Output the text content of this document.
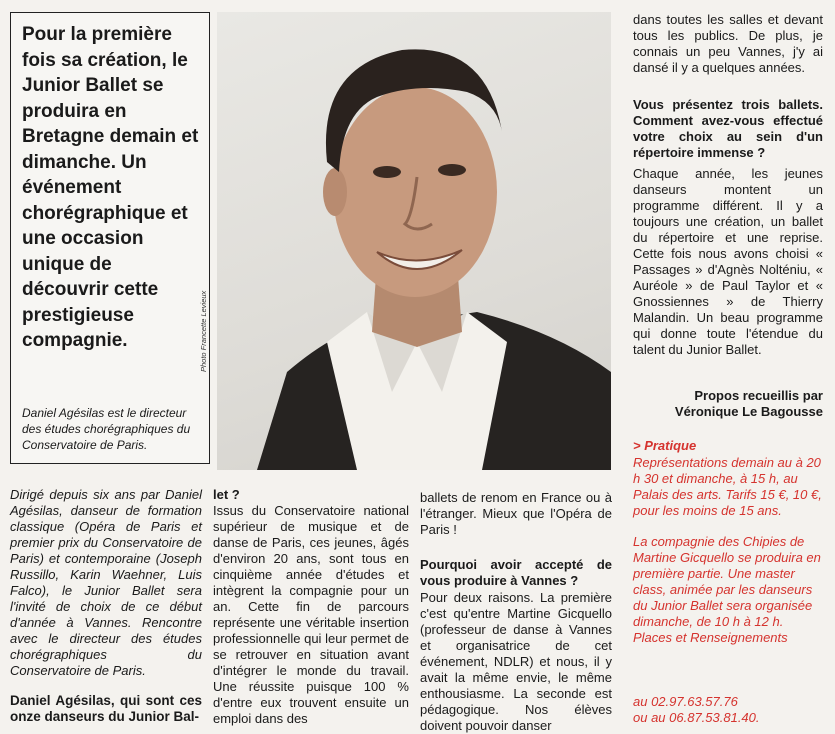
Pour la première fois sa création, le Junior Ballet se produira en Bretagne demain et dimanche. Un événement chorégraphique et une occasion unique de découvrir cette prestigieuse compagnie.
Daniel Agésilas est le directeur des études chorégraphiques du Conservatoire de Paris.
Photo Francette Levieux
Dirigé depuis six ans par Daniel Agésilas, danseur de formation classique (Opéra de Paris et premier prix du Conservatoire de Paris) et contemporaine (Joseph Russillo, Karin Waehner, Luis Falco), le Junior Ballet sera l'invité de choix de ce début d'année à Vannes. Rencontre avec le directeur des études chorégraphiques du Conservatoire de Paris.
Daniel Agésilas, qui sont ces onze danseurs du Junior Bal-
let ?
Issus du Conservatoire national supérieur de musique et de danse de Paris, ces jeunes, âgés d'environ 20 ans, sont tous en cinquième année d'études et intègrent la compagnie pour un an. Cette fin de parcours représente une véritable insertion professionnelle qui leur permet de se retrouver en situation avant d'intégrer le monde du travail. Une réussite puisque 100 % d'entre eux trouvent ensuite un emploi dans des
ballets de renom en France ou à l'étranger. Mieux que l'Opéra de Paris !
Pourquoi avoir accepté de vous produire à Vannes ?
Pour deux raisons. La première c'est qu'entre Martine Gicquello (professeur de danse à Vannes et organisatrice de cet événement, NDLR) et nous, il y avait la même envie, le même enthousiasme. La seconde est pédagogique. Nos élèves doivent pouvoir danser
dans toutes les salles et devant tous les publics. De plus, je connais un peu Vannes, j'y ai dansé il y a quelques années.
Vous présentez trois ballets. Comment avez-vous effectué votre choix au sein d'un répertoire immense ?
Chaque année, les jeunes danseurs montent un programme différent. Il y a toujours une création, un ballet du répertoire et une reprise. Cette fois nous avons choisi « Passages » d'Agnès Nolténiu, « Auréole » de Paul Taylor et « Gnossiennes » de Thierry Malandin. Un beau programme qui donne toute l'étendue du talent du Junior Ballet.
Propos recueillis par
Véronique Le Bagousse
> Pratique
Représentations demain au à 20 h 30 et dimanche, à 15 h, au Palais des arts. Tarifs 15 €, 10 €, pour les moins de 15 ans.
La compagnie des Chipies de Martine Gicquello se produira en première partie. Une master class, animée par les danseurs du Junior Ballet sera organisée dimanche, de 10 h à 12 h. Places et Renseignements
au 02.97.63.57.76
ou au 06.87.53.81.40.
